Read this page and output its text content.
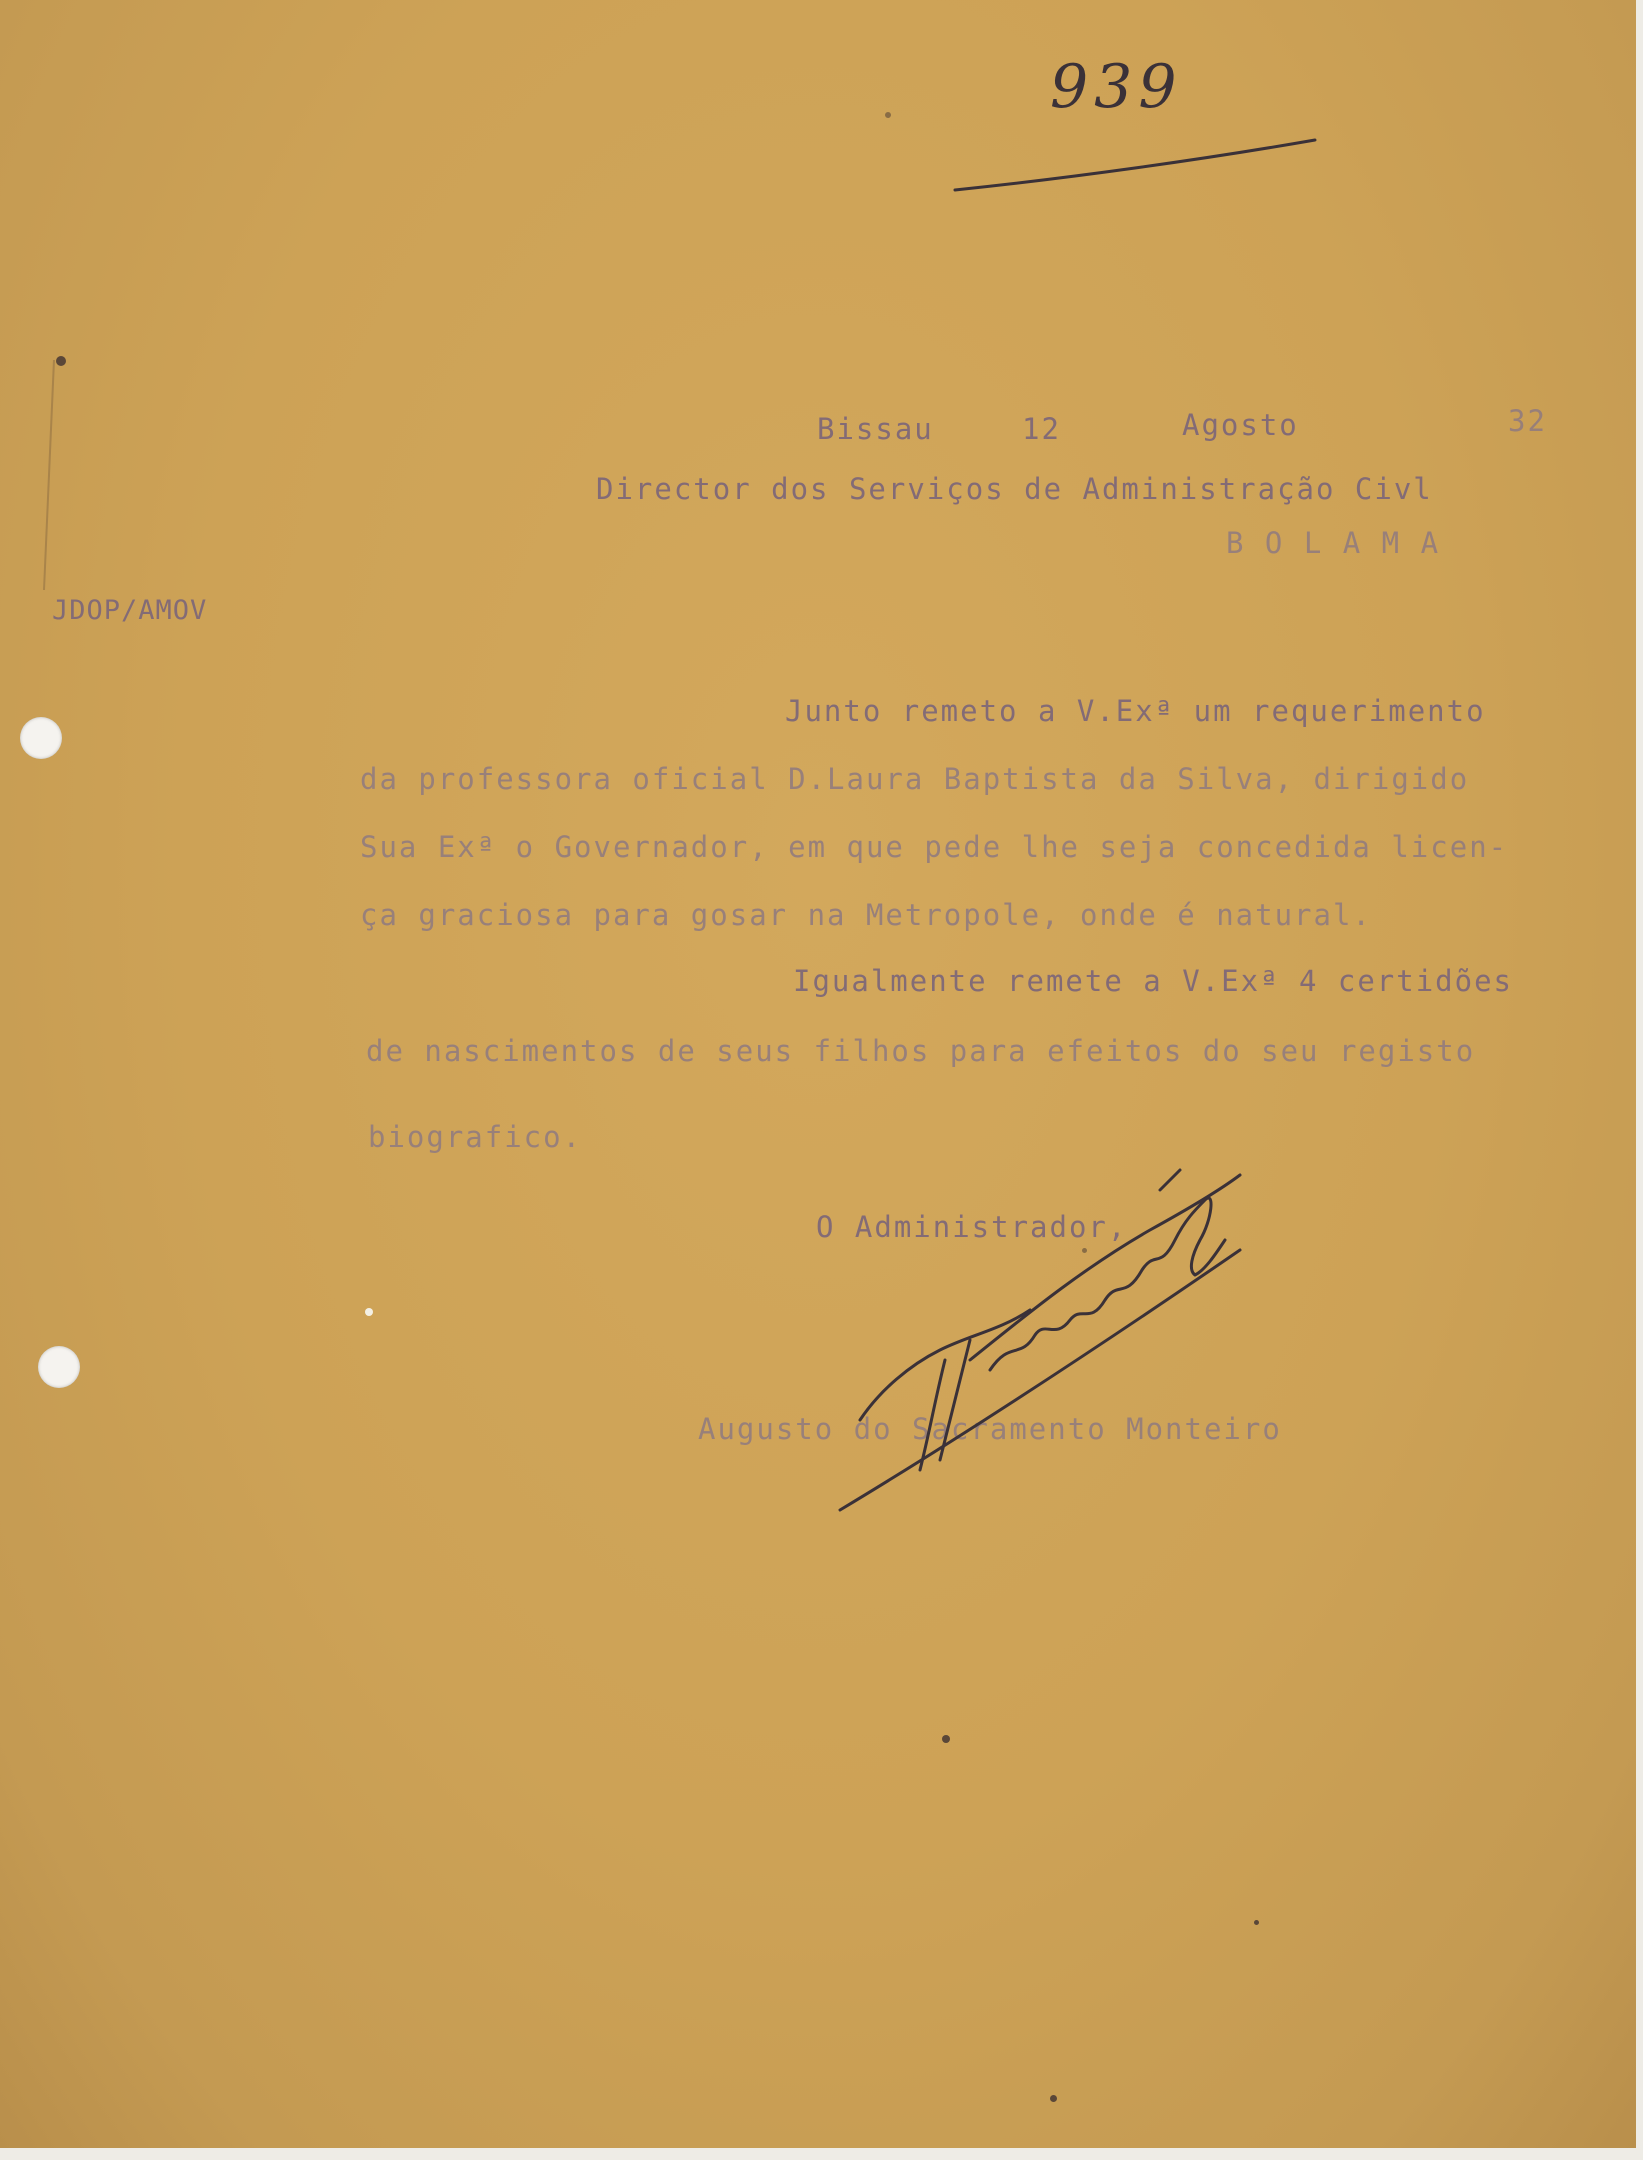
939
Bissau	12	Agosto	32
Director dos Serviços de Administração Civl
B O L A M A
JDOP/AMOV
Junto remeto a V.Exª um requerimento
da professora oficial D.Laura Baptista da Silva, dirigido
Sua Exª o Governador, em que pede lhe seja concedida licen-
ça graciosa para gosar na Metropole, onde é natural.
Igualmente remete a V.Exª 4 certidões
de nascimentos de seus filhos para efeitos do seu registo
biografico.
O Administrador,
Augusto do Sacramento Monteiro
